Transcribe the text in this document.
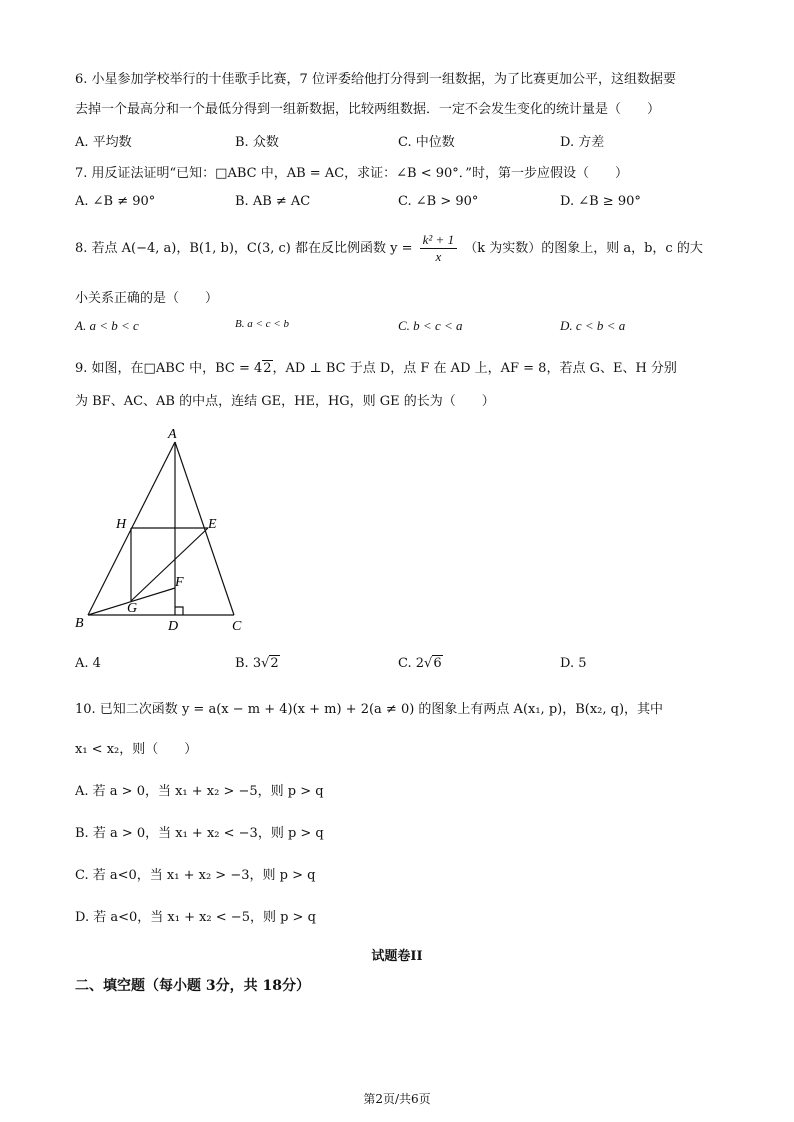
6. 小星参加学校举行的十佳歌手比赛，7 位评委给他打分得到一组数据，为了比赛更加公平，这组数据要
去掉一个最高分和一个最低分得到一组新数据，比较两组数据．一定不会发生变化的统计量是（　　）
A. 平均数	B. 众数	C. 中位数	D. 方差
7. 用反证法证明“已知：□ABC 中，AB = AC，求证：∠B < 90°．”时，第一步应假设（　　）
A. ∠B ≠ 90°	B. AB ≠ AC	C. ∠B > 90°	D. ∠B ≥ 90°
8. 若点 A(−4, a)，B(1, b)，C(3, c) 都在反比例函数 $y = \frac{\text{k² + 1}}{x} (k$ 为实数）的图象上，则 a，b，c 的大
小关系正确的是（　　）
A. a < b < c	B. a < c < b	C. b < c < a	D. c < b < a
9. 如图，在□ABC 中，BC = 42，AD ⊥ BC 于点 D，点 F 在 AD 上，AF = 8，若点 G、E、H 分别
为 BF、AC、AB 的中点，连结 GE，HE，HG，则 GE 的长为（　　）
A
H	E
F
G
B	D	C
A. 4	B. 3√2	C. 2√6	D. 5
10. 已知二次函数 y = a(x − m + 4)(x + m) + 2(a ≠ 0) 的图象上有两点 A(x₁, p)，B(x₂, q)，其中
x₁ < x₂，则（　　）
A. 若 a > 0，当 x₁ + x₂ > −5，则 p > q
B. 若 a > 0，当 x₁ + x₂ < −3，则 p > q
C. 若 a<0，当 x₁ + x₂ > −3，则 p > q
D. 若 a<0，当 x₁ + x₂ < −5，则 p > q
试题卷II
二、填空题（每小题 3分，共 18分）
第2页/共6页
